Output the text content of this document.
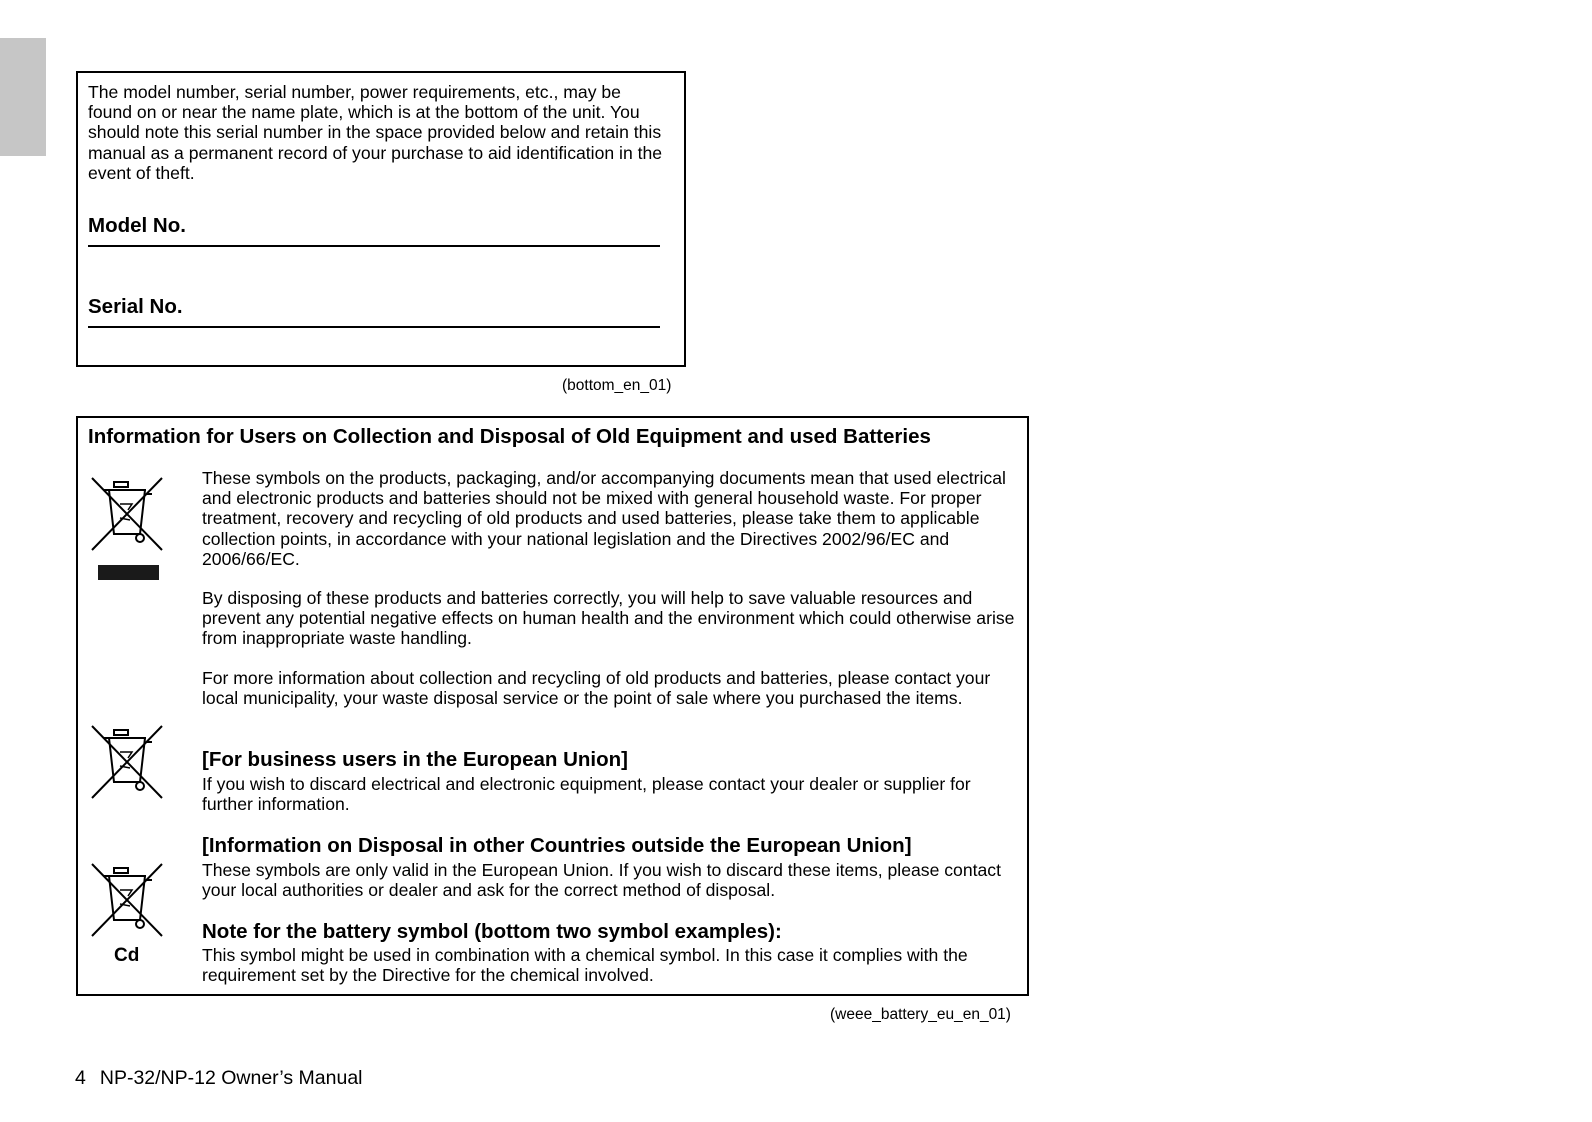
The model number, serial number, power requirements, etc., may be found on or near the name plate, which is at the bottom of the unit. You should note this serial number in the space provided below and retain this manual as a permanent record of your purchase to aid identification in the event of theft.
Model No.
Serial No.
(bottom_en_01)
Information for Users on Collection and Disposal of Old Equipment and used Batteries
These symbols on the products, packaging, and/or accompanying documents mean that used electrical and electronic products and batteries should not be mixed with general household waste. For proper treatment, recovery and recycling of old products and used batteries, please take them to applicable collection points, in accordance with your national legislation and the Directives 2002/96/EC and 2006/66/EC.
By disposing of these products and batteries correctly, you will help to save valuable resources and prevent any potential negative effects on human health and the environment which could otherwise arise from inappropriate waste handling.
For more information about collection and recycling of old products and batteries, please contact your local municipality, your waste disposal service or the point of sale where you purchased the items.
[For business users in the European Union]
If you wish to discard electrical and electronic equipment, please contact your dealer or supplier for further information.
Cd
[Information on Disposal in other Countries outside the European Union]
These symbols are only valid in the European Union. If you wish to discard these items, please contact your local authorities or dealer and ask for the correct method of disposal.
Note for the battery symbol (bottom two symbol examples):
This symbol might be used in combination with a chemical symbol. In this case it complies with the requirement set by the Directive for the chemical involved.
(weee_battery_eu_en_01)
4 NP-32/NP-12 Owner’s Manual
